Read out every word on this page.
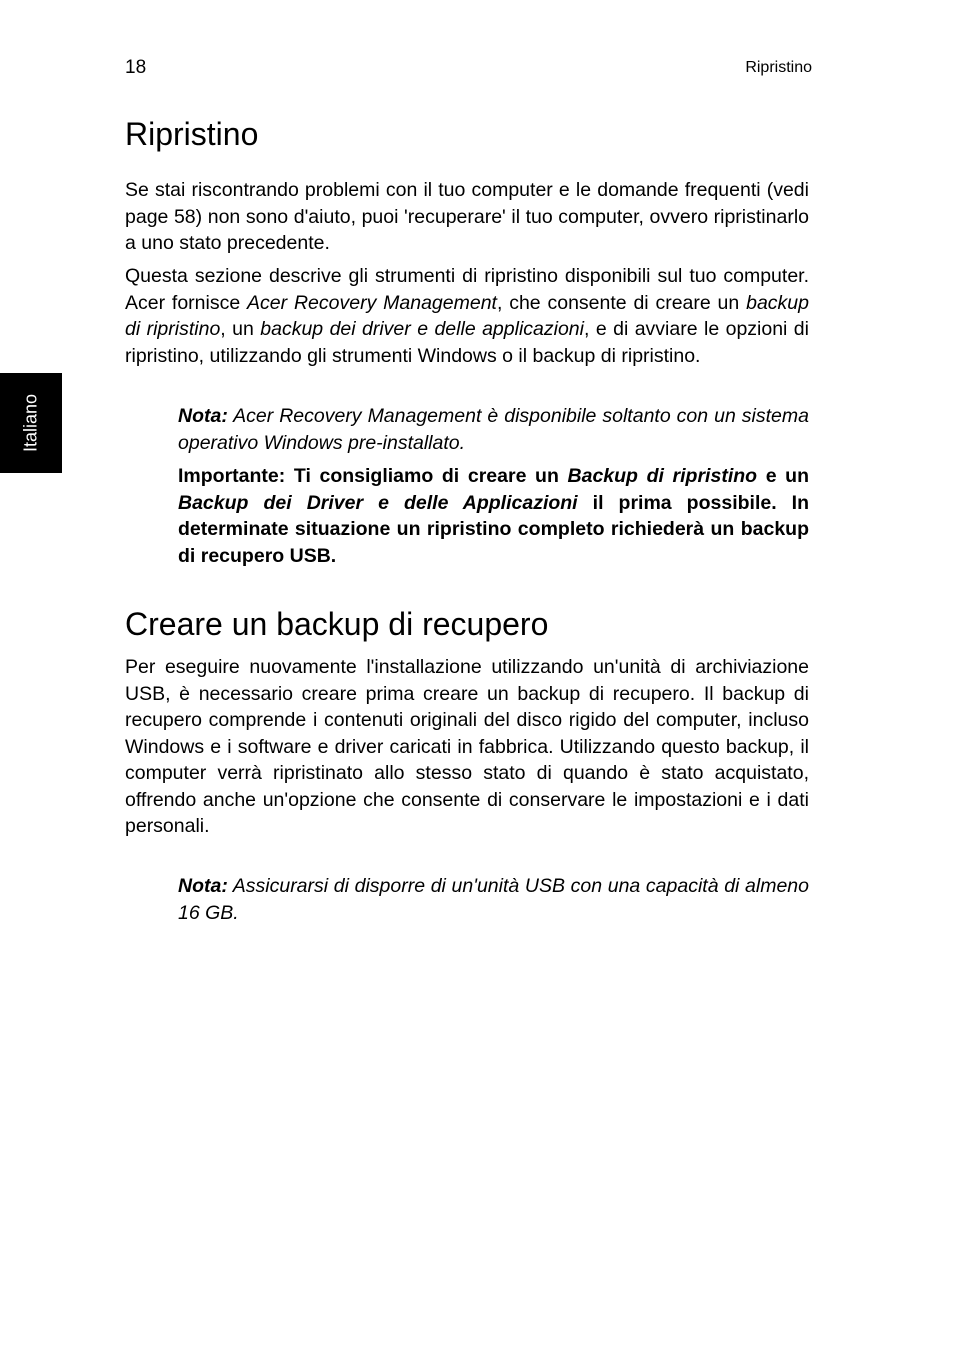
18	Ripristino
Italiano
Ripristino

Se stai riscontrando problemi con il tuo computer e le domande frequenti (vedi page 58) non sono d'aiuto, puoi 'recuperare' il tuo computer, ovvero ripristinarlo a uno stato precedente.

Questa sezione descrive gli strumenti di ripristino disponibili sul tuo computer. Acer fornisce Acer Recovery Management, che consente di creare un backup di ripristino, un backup dei driver e delle applicazioni, e di avviare le opzioni di ripristino, utilizzando gli strumenti Windows o il backup di ripristino.

Nota: Acer Recovery Management è disponibile soltanto con un sistema operativo Windows pre-installato.

Importante: Ti consigliamo di creare un Backup di ripristino e un Backup dei Driver e delle Applicazioni il prima possibile. In determinate situazione un ripristino completo richiederà un backup di recupero USB.

Creare un backup di recupero

Per eseguire nuovamente l'installazione utilizzando un'unità di archiviazione USB, è necessario creare prima creare un backup di recupero. Il backup di recupero comprende i contenuti originali del disco rigido del computer, incluso Windows e i software e driver caricati in fabbrica. Utilizzando questo backup, il computer verrà ripristinato allo stesso stato di quando è stato acquistato, offrendo anche un'opzione che consente di conservare le impostazioni e i dati personali.

Nota: Assicurarsi di disporre di un'unità USB con una capacità di almeno 16 GB.
